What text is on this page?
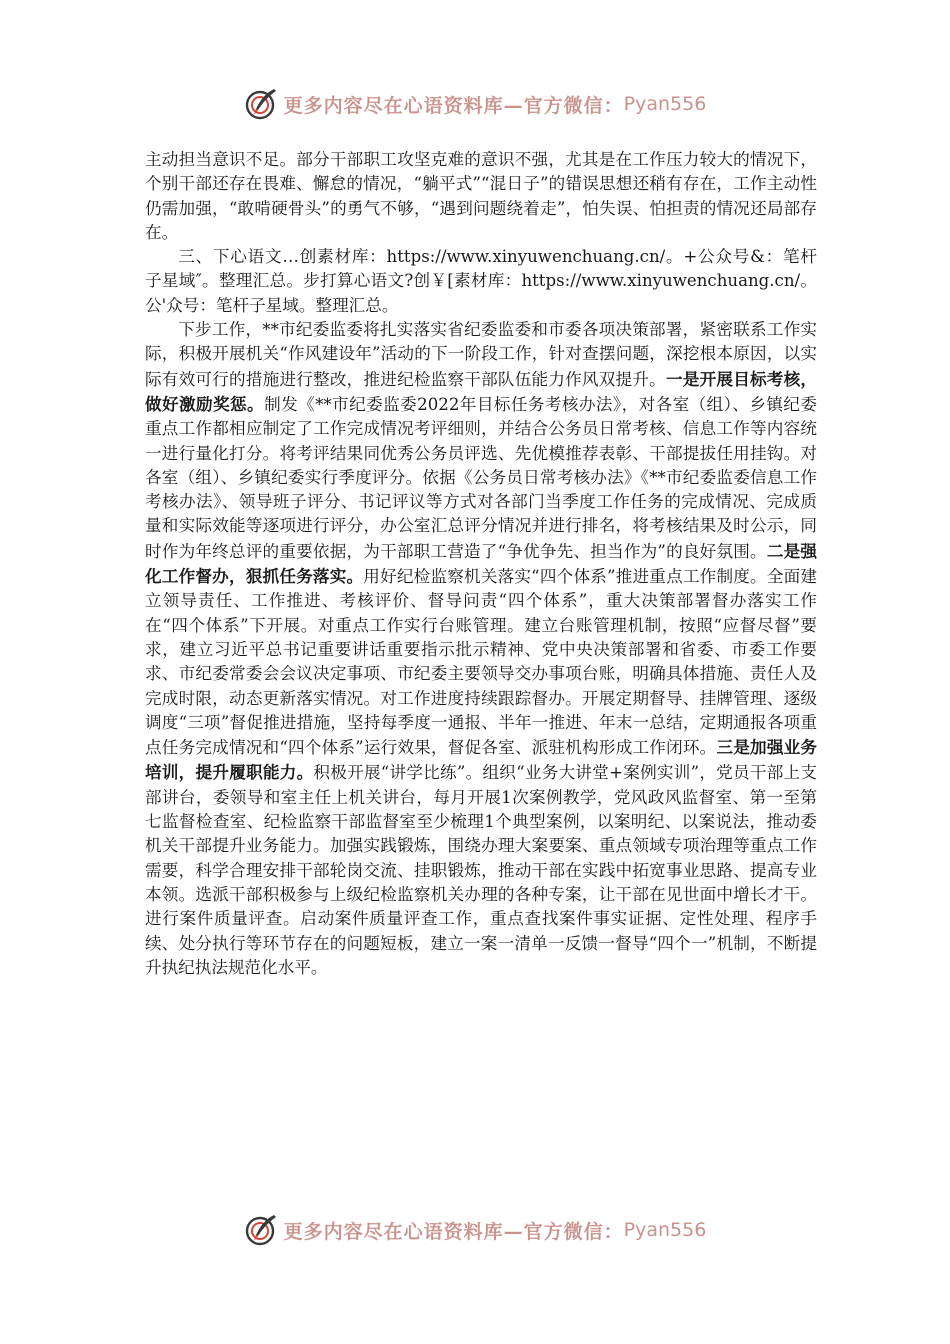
更多内容尽在心语资料库—官方微信： Pyan556

主动担当意识不足。部分干部职工攻坚克难的意识不强，尤其是在工作压力较大的情况下，个别干部还存在畏难、懈怠的情况，“躺平式”“混日子”的错误思想还稍有存在，工作主动性仍需加强，“敢啃硬骨头”的勇气不够，“遇到问题绕着走”，怕失误、怕担责的情况还局部存在。

三、下心语文…创素材库：https://www.xinyuwenchuang.cn/。+公众号&：笔杆子星域″。整理汇总。步打算心语文?创￥[素材库：https://www.xinyuwenchuang.cn/。公'众号：笔杆子星域。整理汇总。

下步工作，**市纪委监委将扎实落实省纪委监委和市委各项决策部署，紧密联系工作实际，积极开展机关“作风建设年”活动的下一阶段工作，针对查摆问题，深挖根本原因，以实际有效可行的措施进行整改，推进纪检监察干部队伍能力作风双提升。一是开展目标考核，做好激励奖惩。制发《**市纪委监委2022年目标任务考核办法》，对各室（组）、乡镇纪委重点工作都相应制定了工作完成情况考评细则，并结合公务员日常考核、信息工作等内容统一进行量化打分。将考评结果同优秀公务员评选、先优模推荐表彰、干部提拔任用挂钩。对各室（组）、乡镇纪委实行季度评分。依据《公务员日常考核办法》《**市纪委监委信息工作考核办法》、领导班子评分、书记评议等方式对各部门当季度工作任务的完成情况、完成质量和实际效能等逐项进行评分，办公室汇总评分情况并进行排名，将考核结果及时公示，同时作为年终总评的重要依据，为干部职工营造了“争优争先、担当作为”的良好氛围。二是强化工作督办，狠抓任务落实。用好纪检监察机关落实“四个体系”推进重点工作制度。全面建立领导责任、工作推进、考核评价、督导问责“四个体系”，重大决策部署督办落实工作在“四个体系”下开展。对重点工作实行台账管理。建立台账管理机制，按照“应督尽督”要求，建立习近平总书记重要讲话重要指示批示精神、党中央决策部署和省委、市委工作要求、市纪委常委会会议决定事项、市纪委主要领导交办事项台账，明确具体措施、责任人及完成时限，动态更新落实情况。对工作进度持续跟踪督办。开展定期督导、挂牌管理、逐级调度“三项”督促推进措施，坚持每季度一通报、半年一推进、年末一总结，定期通报各项重点任务完成情况和“四个体系”运行效果，督促各室、派驻机构形成工作闭环。三是加强业务培训，提升履职能力。积极开展“讲学比练”。组织“业务大讲堂+案例实训”，党员干部上支部讲台，委领导和室主任上机关讲台，每月开展1次案例教学，党风政风监督室、第一至第七监督检查室、纪检监察干部监督室至少梳理1个典型案例，以案明纪、以案说法，推动委机关干部提升业务能力。加强实践锻炼，围绕办理大案要案、重点领域专项治理等重点工作需要，科学合理安排干部轮岗交流、挂职锻炼，推动干部在实践中拓宽事业思路、提高专业本领。选派干部积极参与上级纪检监察机关办理的各种专案，让干部在见世面中增长才干。进行案件质量评查。启动案件质量评查工作，重点查找案件事实证据、定性处理、程序手续、处分执行等环节存在的问题短板，建立一案一清单一反馈一督导“四个一”机制，不断提升执纪执法规范化水平。

更多内容尽在心语资料库—官方微信： Pyan556
